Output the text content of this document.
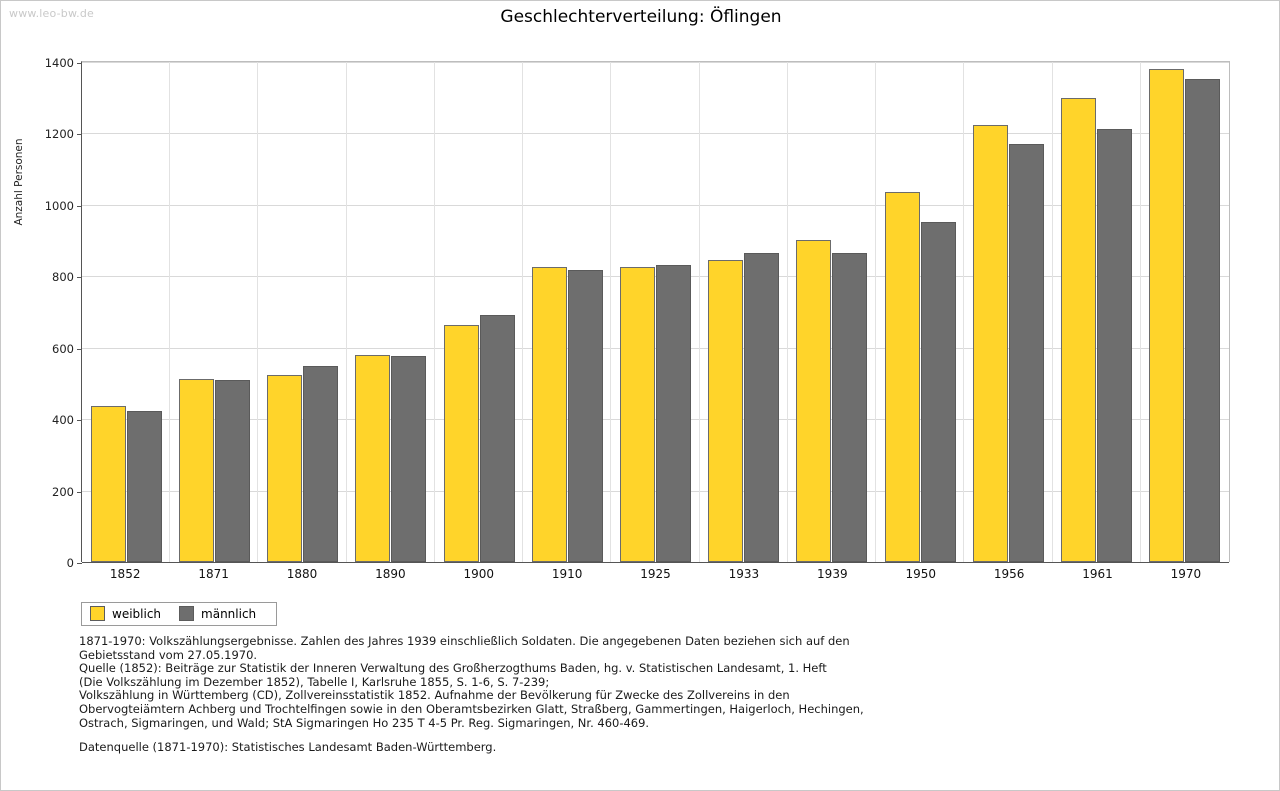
www.leo-bw.de	Geschlechterverteilung: Öflingen
Anzahl Personen
0
200
400
600
800
1000
1200
1400
1852	1871	1880	1890	1900	1910	1925	1933	1939	1950	1956	1961	1970
weiblich	männlich

1871-1970: Volkszählungsergebnisse. Zahlen des Jahres 1939 einschließlich Soldaten. Die angegebenen Daten beziehen sich auf den

Gebietsstand vom 27.05.1970.

Quelle (1852): Beiträge zur Statistik der Inneren Verwaltung des Großherzogthums Baden, hg. v. Statistischen Landesamt, 1. Heft

(Die Volkszählung im Dezember 1852), Tabelle I, Karlsruhe 1855, S. 1-6, S. 7-239;

Volkszählung in Württemberg (CD), Zollvereinsstatistik 1852. Aufnahme der Bevölkerung für Zwecke des Zollvereins in den

Obervogteiämtern Achberg und Trochtelfingen sowie in den Oberamtsbezirken Glatt, Straßberg, Gammertingen, Haigerloch, Hechingen,

Ostrach, Sigmaringen, und Wald; StA Sigmaringen Ho 235 T 4-5 Pr. Reg. Sigmaringen, Nr. 460-469.

Datenquelle (1871-1970): Statistisches Landesamt Baden-Württemberg.
